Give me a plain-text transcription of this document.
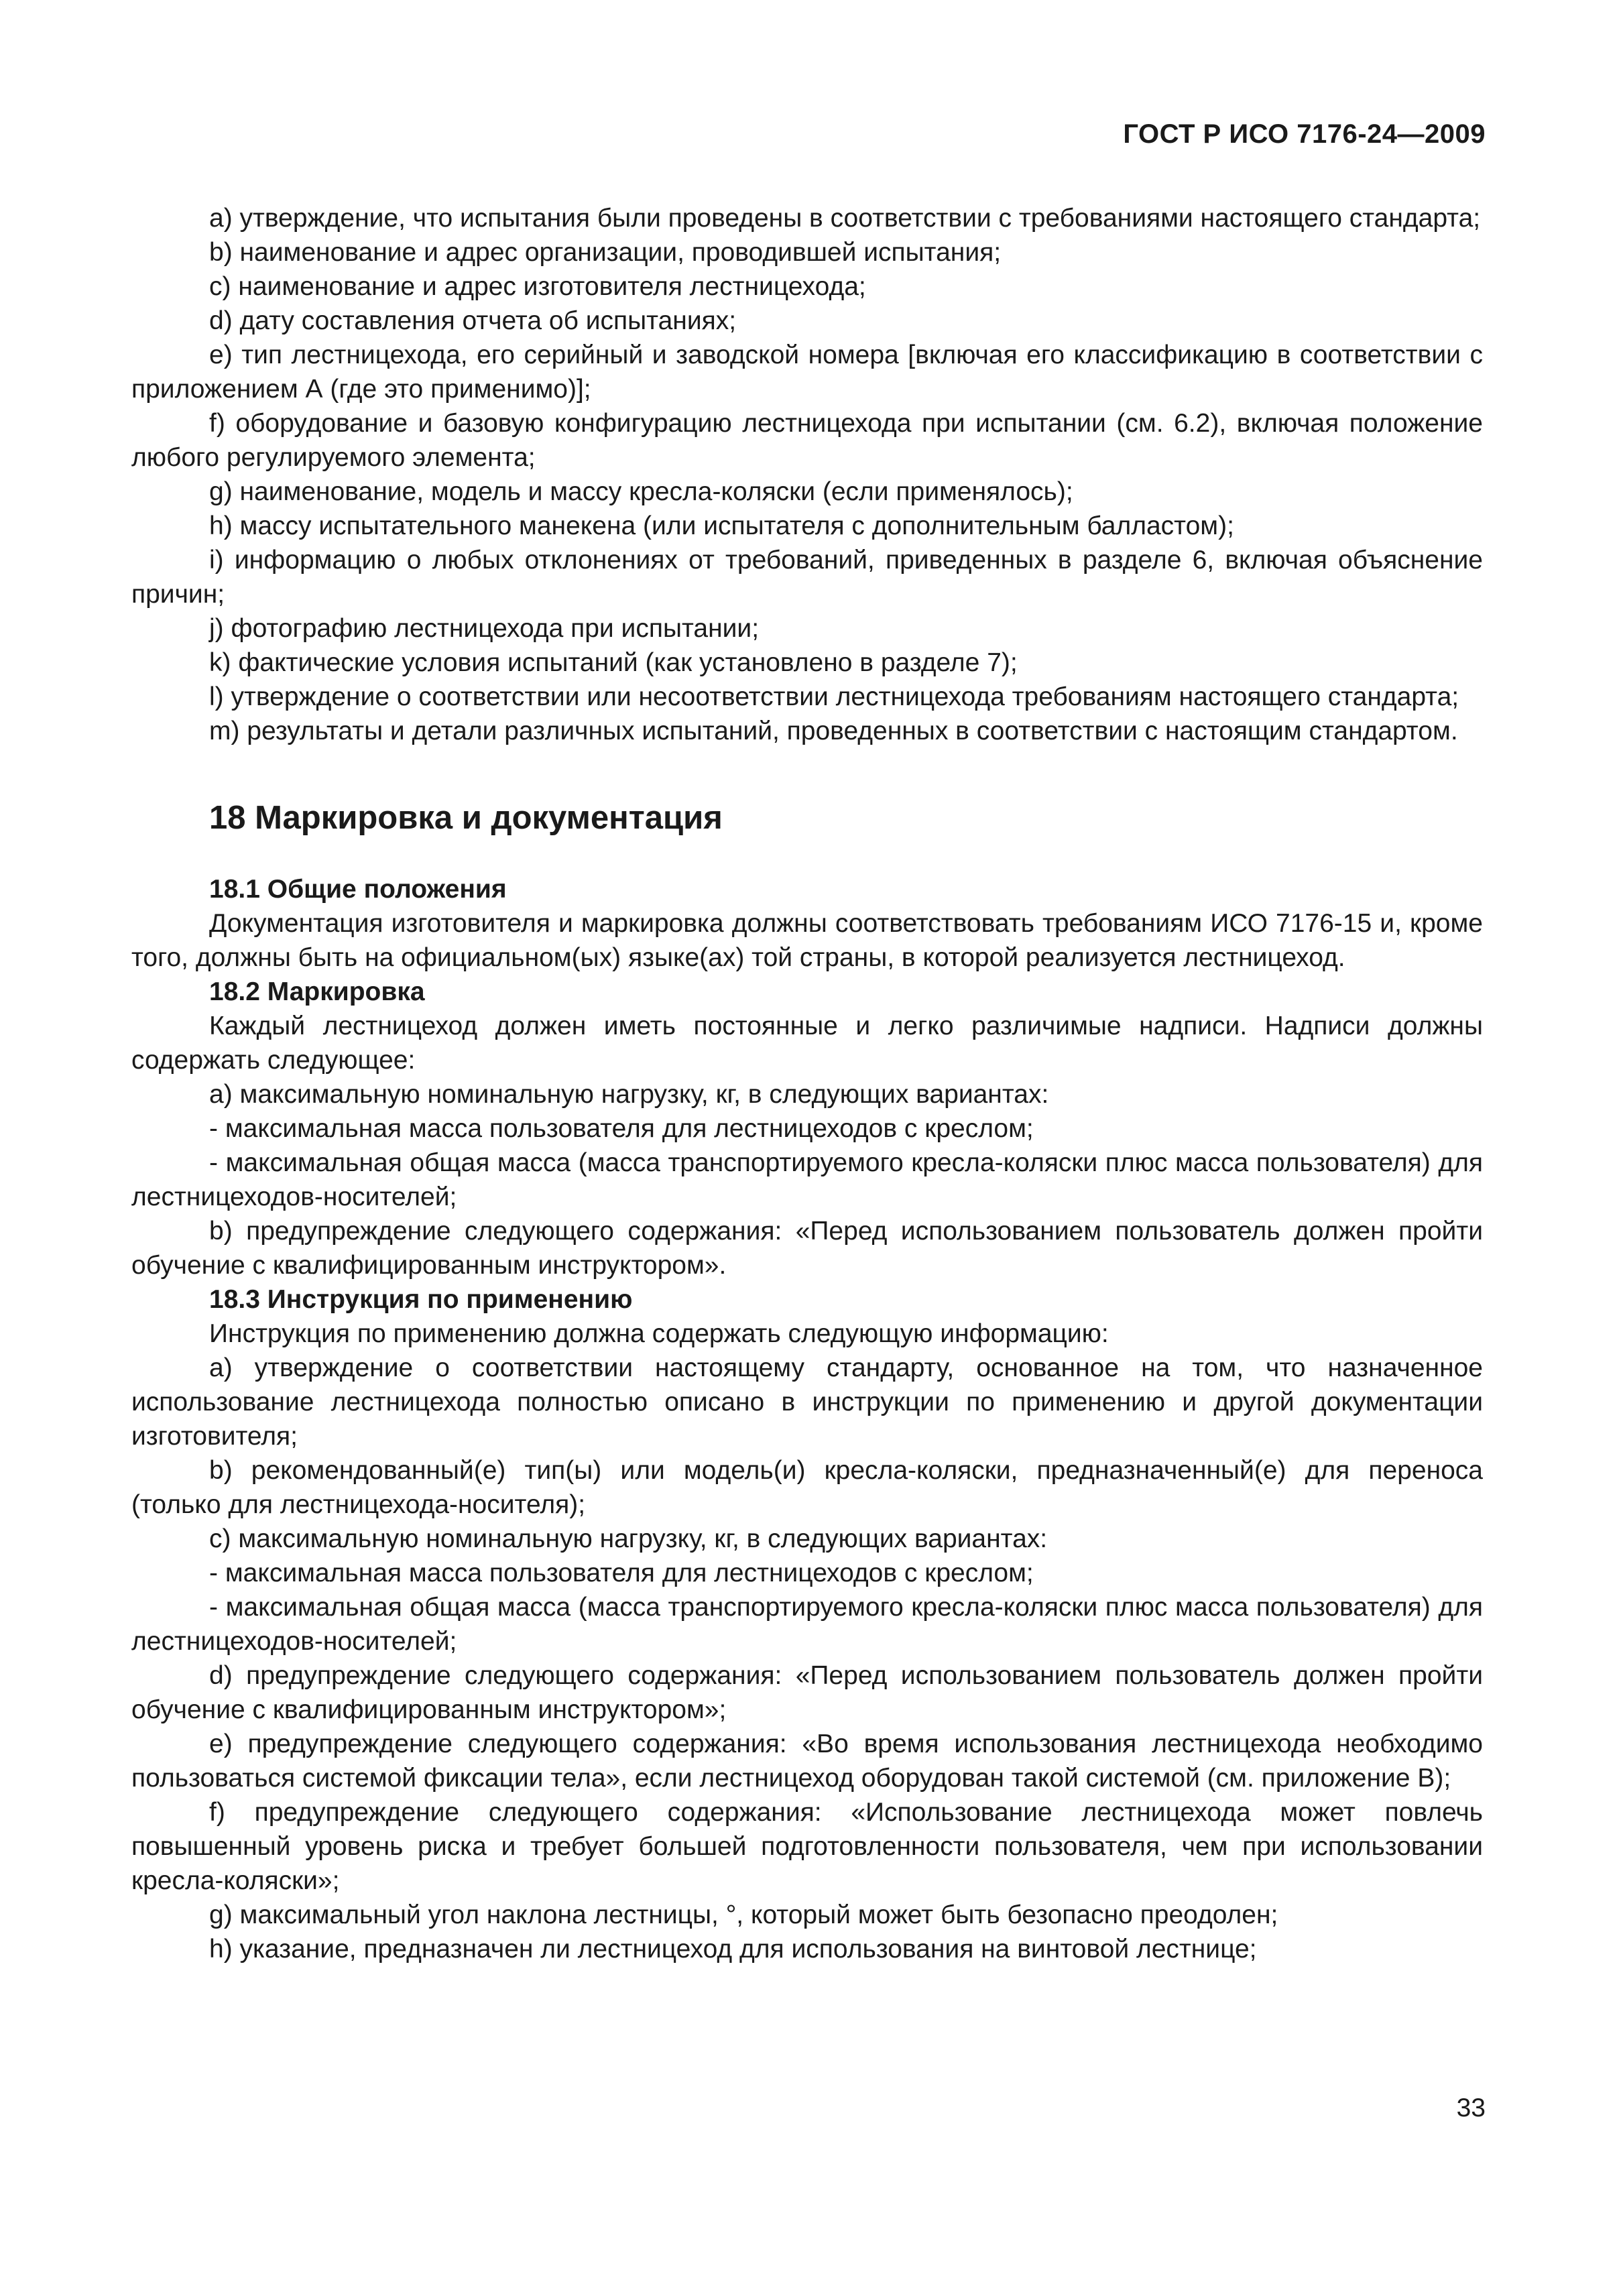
ГОСТ Р ИСО 7176-24—2009

а) утверждение, что испытания были проведены в соответствии с требованиями настоящего стандарта;

b) наименование и адрес организации, проводившей испытания;

c) наименование и адрес изготовителя лестницехода;

d) дату составления отчета об испытаниях;

e) тип лестницехода, его серийный и заводской номера [включая его классификацию в соответствии с приложением А (где это применимо)];

f) оборудование и базовую конфигурацию лестницехода при испытании (см. 6.2), включая положение любого регулируемого элемента;

g) наименование, модель и массу кресла-коляски (если применялось);

h) массу испытательного манекена (или испытателя с дополнительным балластом);

i) информацию о любых отклонениях от требований, приведенных в разделе 6, включая объяснение причин;

j) фотографию лестницехода при испытании;

k) фактические условия испытаний (как установлено в разделе 7);

l) утверждение о соответствии или несоответствии лестницехода требованиям настоящего стандарта;

m) результаты и детали различных испытаний, проведенных в соответствии с настоящим стандартом.

18 Маркировка и документация

18.1 Общие положения

Документация изготовителя и маркировка должны соответствовать требованиям ИСО 7176-15 и, кроме того, должны быть на официальном(ых) языке(ах) той страны, в которой реализуется лестницеход.

18.2 Маркировка

Каждый лестницеход должен иметь постоянные и легко различимые надписи. Надписи должны содержать следующее:

а) максимальную номинальную нагрузку, кг, в следующих вариантах:

- максимальная масса пользователя для лестницеходов с креслом;

- максимальная общая масса (масса транспортируемого кресла-коляски плюс масса пользователя) для лестницеходов-носителей;

b) предупреждение следующего содержания: «Перед использованием пользователь должен пройти обучение с квалифицированным инструктором».

18.3 Инструкция по применению

Инструкция по применению должна содержать следующую информацию:

а) утверждение о соответствии настоящему стандарту, основанное на том, что назначенное использование лестницехода полностью описано в инструкции по применению и другой документации изготовителя;

b) рекомендованный(е) тип(ы) или модель(и) кресла-коляски, предназначенный(е) для переноса (только для лестницехода-носителя);

c) максимальную номинальную нагрузку, кг, в следующих вариантах:

- максимальная масса пользователя для лестницеходов с креслом;

- максимальная общая масса (масса транспортируемого кресла-коляски плюс масса пользователя) для лестницеходов-носителей;

d) предупреждение следующего содержания: «Перед использованием пользователь должен пройти обучение с квалифицированным инструктором»;

e) предупреждение следующего содержания: «Во время использования лестницехода необходимо пользоваться системой фиксации тела», если лестницеход оборудован такой системой (см. приложение В);

f) предупреждение следующего содержания: «Использование лестницехода может повлечь повышенный уровень риска и требует большей подготовленности пользователя, чем при использовании кресла-коляски»;

g) максимальный угол наклона лестницы, °, который может быть безопасно преодолен;

h) указание, предназначен ли лестницеход для использования на винтовой лестнице;

33
